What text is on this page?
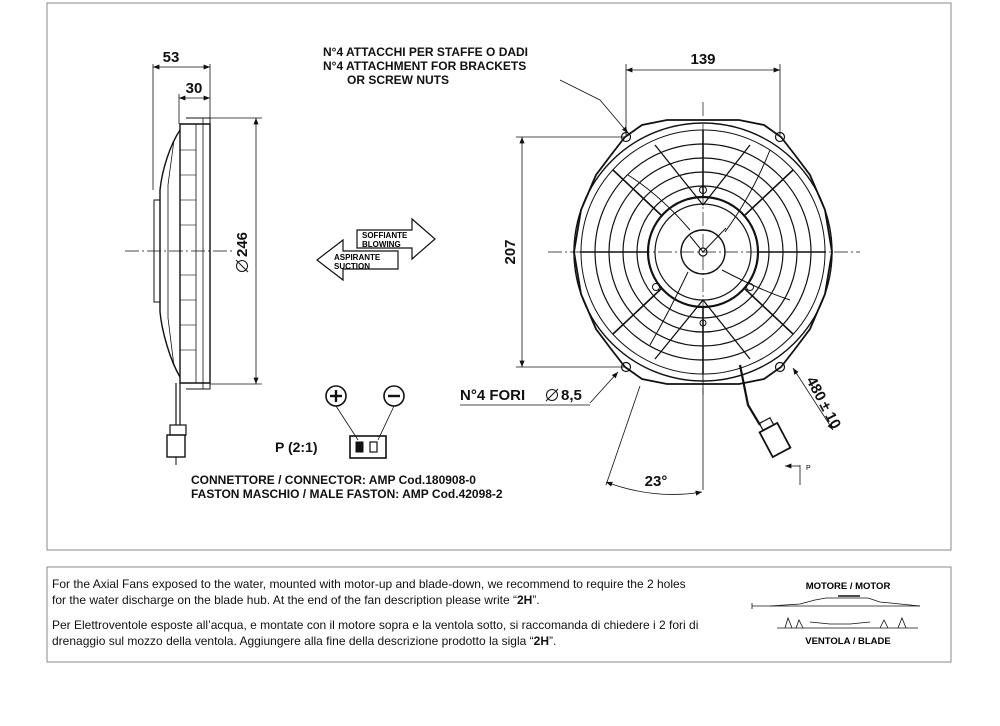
53
30
246	SOFFIANTE
BLOWING
ASPIRANTE
SUCTION
P (2:1)
CONNETTORE / CONNECTOR: AMP Cod.180908-0
FASTON MASCHIO / MALE FASTON: AMP Cod.42098-2
N°4 ATTACCHI PER STAFFE O DADI
N°4 ATTACHMENT FOR BRACKETS
OR SCREW NUTS
139
207
480
±
10
23°
N°4 FORI 8,5
P
MOTORE / MOTOR
VENTOLA / BLADE
For the Axial Fans exposed to the water, mounted with motor-up and blade-down, we recommend to require the 2 holes for the water discharge on the blade hub. At the end of the fan description please write “2H”.
Per Elettroventole esposte all’acqua, e montate con il motore sopra e la ventola sotto, si raccomanda di chiedere i 2 fori di drenaggio sul mozzo della ventola. Aggiungere alla fine della descrizione prodotto la sigla “2H”.
